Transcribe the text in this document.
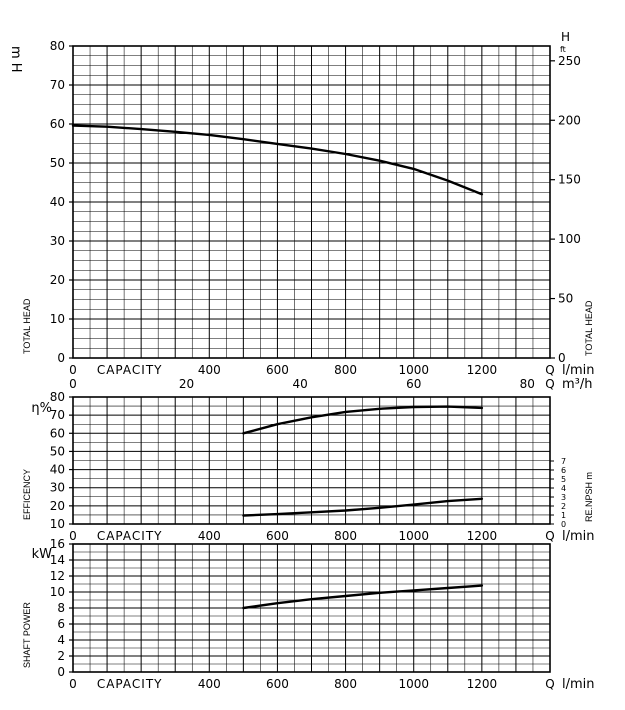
0
10
20
30
40
50
60
70
80
0	400	600	800	1000	1200
CAPACITY	Q l/min
TOTAL HEAD
m H
0
50
100
150
200
250
H
ft
TOTAL HEAD
0	20	40	60	80 Q m³/h
10
20
30
40
50
60
70
80
0	400	600	800	1000	1200
CAPACITY	Q l/min
EFFICENCY
η%
0
1
2
3
4
5
6
7
RE.NPSH m
0
2
4
6
8
10
12
14
16
0	400	600	800	1000	1200
CAPACITY	Q l/min
SHAFT POWER
kW
